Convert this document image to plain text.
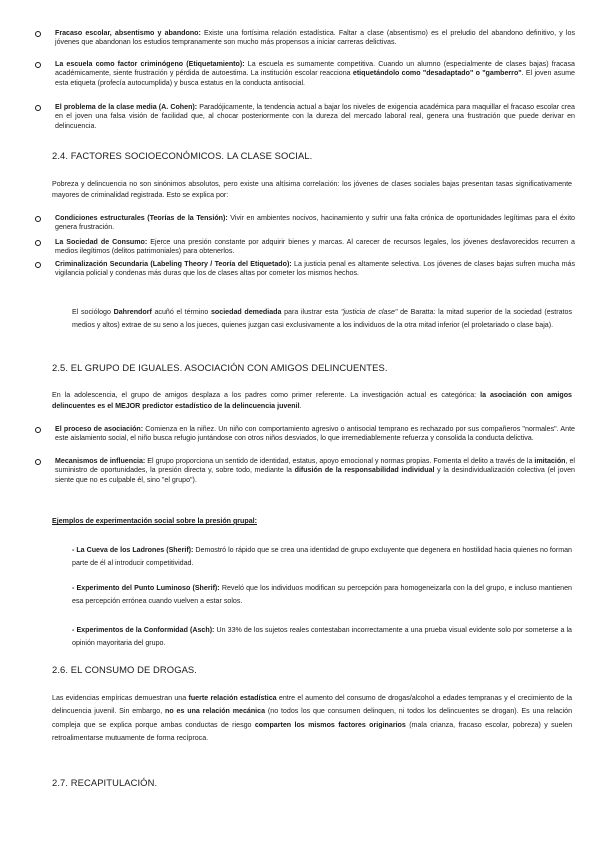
Fracaso escolar, absentismo y abandono: Existe una fortísima relación estadística. Faltar a clase (absentismo) es el preludio del abandono definitivo, y los jóvenes que abandonan los estudios tempranamente son mucho más propensos a iniciar carreras delictivas.
La escuela como factor criminógeno (Etiquetamiento): La escuela es sumamente competitiva. Cuando un alumno (especialmente de clases bajas) fracasa académicamente, siente frustración y pérdida de autoestima. La institución escolar reacciona etiquetándolo como "desadaptado" o "gamberro". El joven asume esta etiqueta (profecía autocumplida) y busca estatus en la conducta antisocial.
El problema de la clase media (A. Cohen): Paradójicamente, la tendencia actual a bajar los niveles de exigencia académica para maquillar el fracaso escolar crea en el joven una falsa visión de facilidad que, al chocar posteriormente con la dureza del mercado laboral real, genera una frustración que puede derivar en delincuencia.
2.4. FACTORES SOCIOECONÓMICOS. LA CLASE SOCIAL.
Pobreza y delincuencia no son sinónimos absolutos, pero existe una altísima correlación: los jóvenes de clases sociales bajas presentan tasas significativamente mayores de criminalidad registrada. Esto se explica por:
Condiciones estructurales (Teorías de la Tensión): Vivir en ambientes nocivos, hacinamiento y sufrir una falta crónica de oportunidades legítimas para el éxito genera frustración.
La Sociedad de Consumo: Ejerce una presión constante por adquirir bienes y marcas. Al carecer de recursos legales, los jóvenes desfavorecidos recurren a medios ilegítimos (delitos patrimoniales) para obtenerlos.
Criminalización Secundaria (Labeling Theory / Teoría del Etiquetado): La justicia penal es altamente selectiva. Los jóvenes de clases bajas sufren mucha más vigilancia policial y condenas más duras que los de clases altas por cometer los mismos hechos.
El sociólogo Dahrendorf acuñó el término sociedad demediada para ilustrar esta "justicia de clase" de Baratta: la mitad superior de la sociedad (estratos medios y altos) extrae de su seno a los jueces, quienes juzgan casi exclusivamente a los individuos de la otra mitad inferior (el proletariado o clase baja).
2.5. EL GRUPO DE IGUALES. ASOCIACIÓN CON AMIGOS DELINCUENTES.
En la adolescencia, el grupo de amigos desplaza a los padres como primer referente. La investigación actual es categórica: la asociación con amigos delincuentes es el MEJOR predictor estadístico de la delincuencia juvenil.
El proceso de asociación: Comienza en la niñez. Un niño con comportamiento agresivo o antisocial temprano es rechazado por sus compañeros "normales". Ante este aislamiento social, el niño busca refugio juntándose con otros niños desviados, lo que irremediablemente refuerza y consolida la conducta delictiva.
Mecanismos de influencia: El grupo proporciona un sentido de identidad, estatus, apoyo emocional y normas propias. Fomenta el delito a través de la imitación, el suministro de oportunidades, la presión directa y, sobre todo, mediante la difusión de la responsabilidad individual y la desindividualización colectiva (el joven siente que no es culpable él, sino "el grupo").
Ejemplos de experimentación social sobre la presión grupal:
- La Cueva de los Ladrones (Sherif): Demostró lo rápido que se crea una identidad de grupo excluyente que degenera en hostilidad hacia quienes no forman parte de él al introducir competitividad.
- Experimento del Punto Luminoso (Sherif): Reveló que los individuos modifican su percepción para homogeneizarla con la del grupo, e incluso mantienen esa percepción errónea cuando vuelven a estar solos.
- Experimentos de la Conformidad (Asch): Un 33% de los sujetos reales contestaban incorrectamente a una prueba visual evidente solo por someterse a la opinión mayoritaria del grupo.
2.6. EL CONSUMO DE DROGAS.
Las evidencias empíricas demuestran una fuerte relación estadística entre el aumento del consumo de drogas/alcohol a edades tempranas y el crecimiento de la delincuencia juvenil. Sin embargo, no es una relación mecánica (no todos los que consumen delinquen, ni todos los delincuentes se drogan). Es una relación compleja que se explica porque ambas conductas de riesgo comparten los mismos factores originarios (mala crianza, fracaso escolar, pobreza) y suelen retroalimentarse mutuamente de forma recíproca.
2.7. RECAPITULACIÓN.
